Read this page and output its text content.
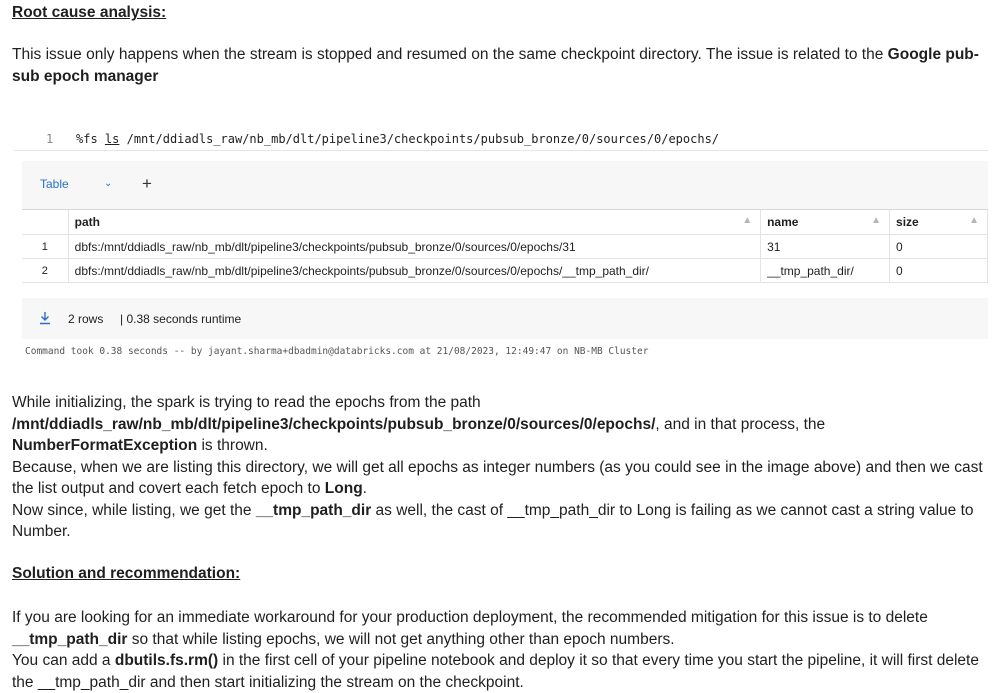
Root cause analysis:

This issue only happens when the stream is stopped and resumed on the same checkpoint directory. The issue is related to the Google pub-sub epoch manager

1 %fs ls /mnt/ddiadls_raw/nb_mb/dlt/pipeline3/checkpoints/pubsub_bronze/0/sources/0/epochs/
Table	⌄ +
	path ▲	name ▲	size ▲

1	dbfs:/mnt/ddiadls_raw/nb_mb/dlt/pipeline3/checkpoints/pubsub_bronze/0/sources/0/epochs/31	31	0
2	dbfs:/mnt/ddiadls_raw/nb_mb/dlt/pipeline3/checkpoints/pubsub_bronze/0/sources/0/epochs/__tmp_path_dir/	__tmp_path_dir/	0
2 rows | 0.38 seconds runtime
Command took 0.38 seconds -- by jayant.sharma+dbadmin@databricks.com at 21/08/2023, 12:49:47 on NB-MB Cluster

While initializing, the spark is trying to read the epochs from the path
/mnt/ddiadls_raw/nb_mb/dlt/pipeline3/checkpoints/pubsub_bronze/0/sources/0/epochs/, and in that process, the
NumberFormatException is thrown.
Because, when we are listing this directory, we will get all epochs as integer numbers (as you could see in the image above) and then we cast the list output and covert each fetch epoch to Long.
Now since, while listing, we get the __tmp_path_dir as well, the cast of __tmp_path_dir to Long is failing as we cannot cast a string value to Number.

Solution and recommendation:

If you are looking for an immediate workaround for your production deployment, the recommended mitigation for this issue is to delete __tmp_path_dir so that while listing epochs, we will not get anything other than epoch numbers.
You can add a dbutils.fs.rm() in the first cell of your pipeline notebook and deploy it so that every time you start the pipeline, it will first delete the __tmp_path_dir and then start initializing the stream on the checkpoint.
